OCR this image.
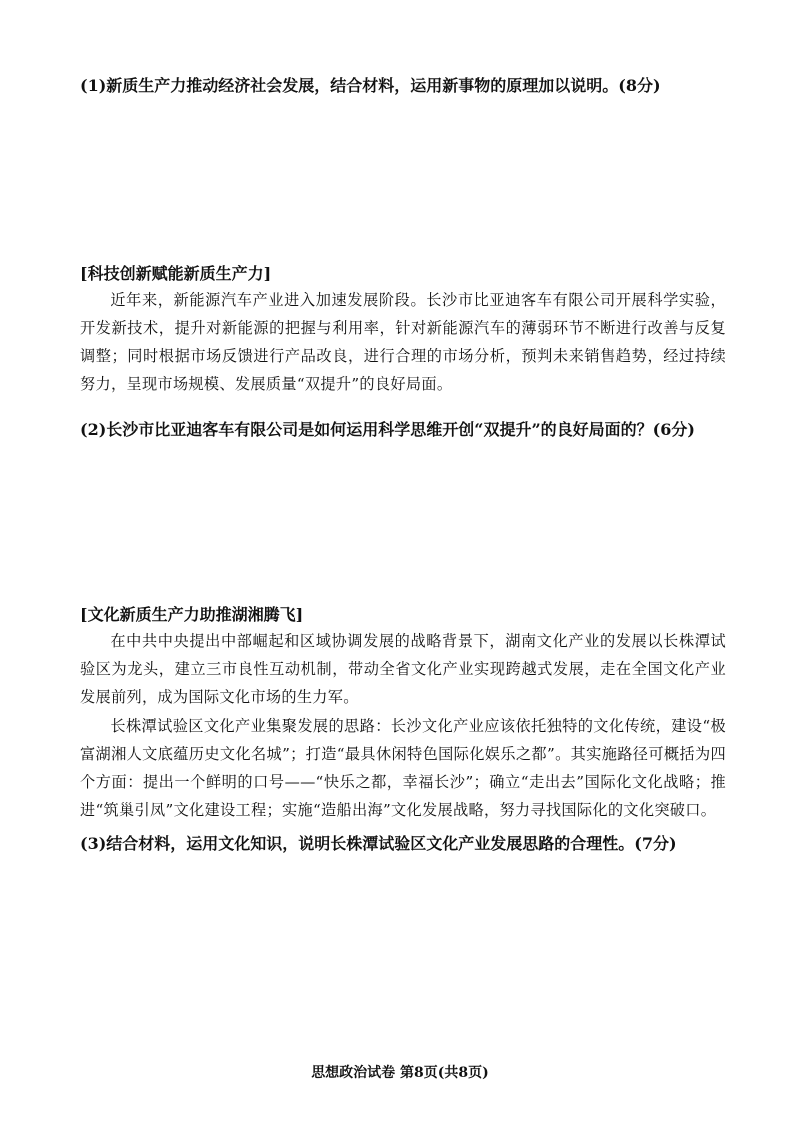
(1)新质生产力推动经济社会发展，结合材料，运用新事物的原理加以说明。(8分)
[科技创新赋能新质生产力]
近年来，新能源汽车产业进入加速发展阶段。长沙市比亚迪客车有限公司开展科学实验，开发新技术，提升对新能源的把握与利用率，针对新能源汽车的薄弱环节不断进行改善与反复调整；同时根据市场反馈进行产品改良，进行合理的市场分析，预判未来销售趋势，经过持续努力，呈现市场规模、发展质量“双提升”的良好局面。
(2)长沙市比亚迪客车有限公司是如何运用科学思维开创“双提升”的良好局面的？(6分)
[文化新质生产力助推湖湘腾飞]
在中共中央提出中部崛起和区域协调发展的战略背景下，湖南文化产业的发展以长株潭试验区为龙头，建立三市良性互动机制，带动全省文化产业实现跨越式发展，走在全国文化产业发展前列，成为国际文化市场的生力军。
长株潭试验区文化产业集聚发展的思路：长沙文化产业应该依托独特的文化传统，建设“极富湖湘人文底蕴历史文化名城”；打造“最具休闲特色国际化娱乐之都”。其实施路径可概括为四个方面：提出一个鲜明的口号——“快乐之都，幸福长沙”；确立“走出去”国际化文化战略；推进“筑巢引凤”文化建设工程；实施“造船出海”文化发展战略，努力寻找国际化的文化突破口。
(3)结合材料，运用文化知识，说明长株潭试验区文化产业发展思路的合理性。(7分)
思想政治试卷 第8页(共8页)
